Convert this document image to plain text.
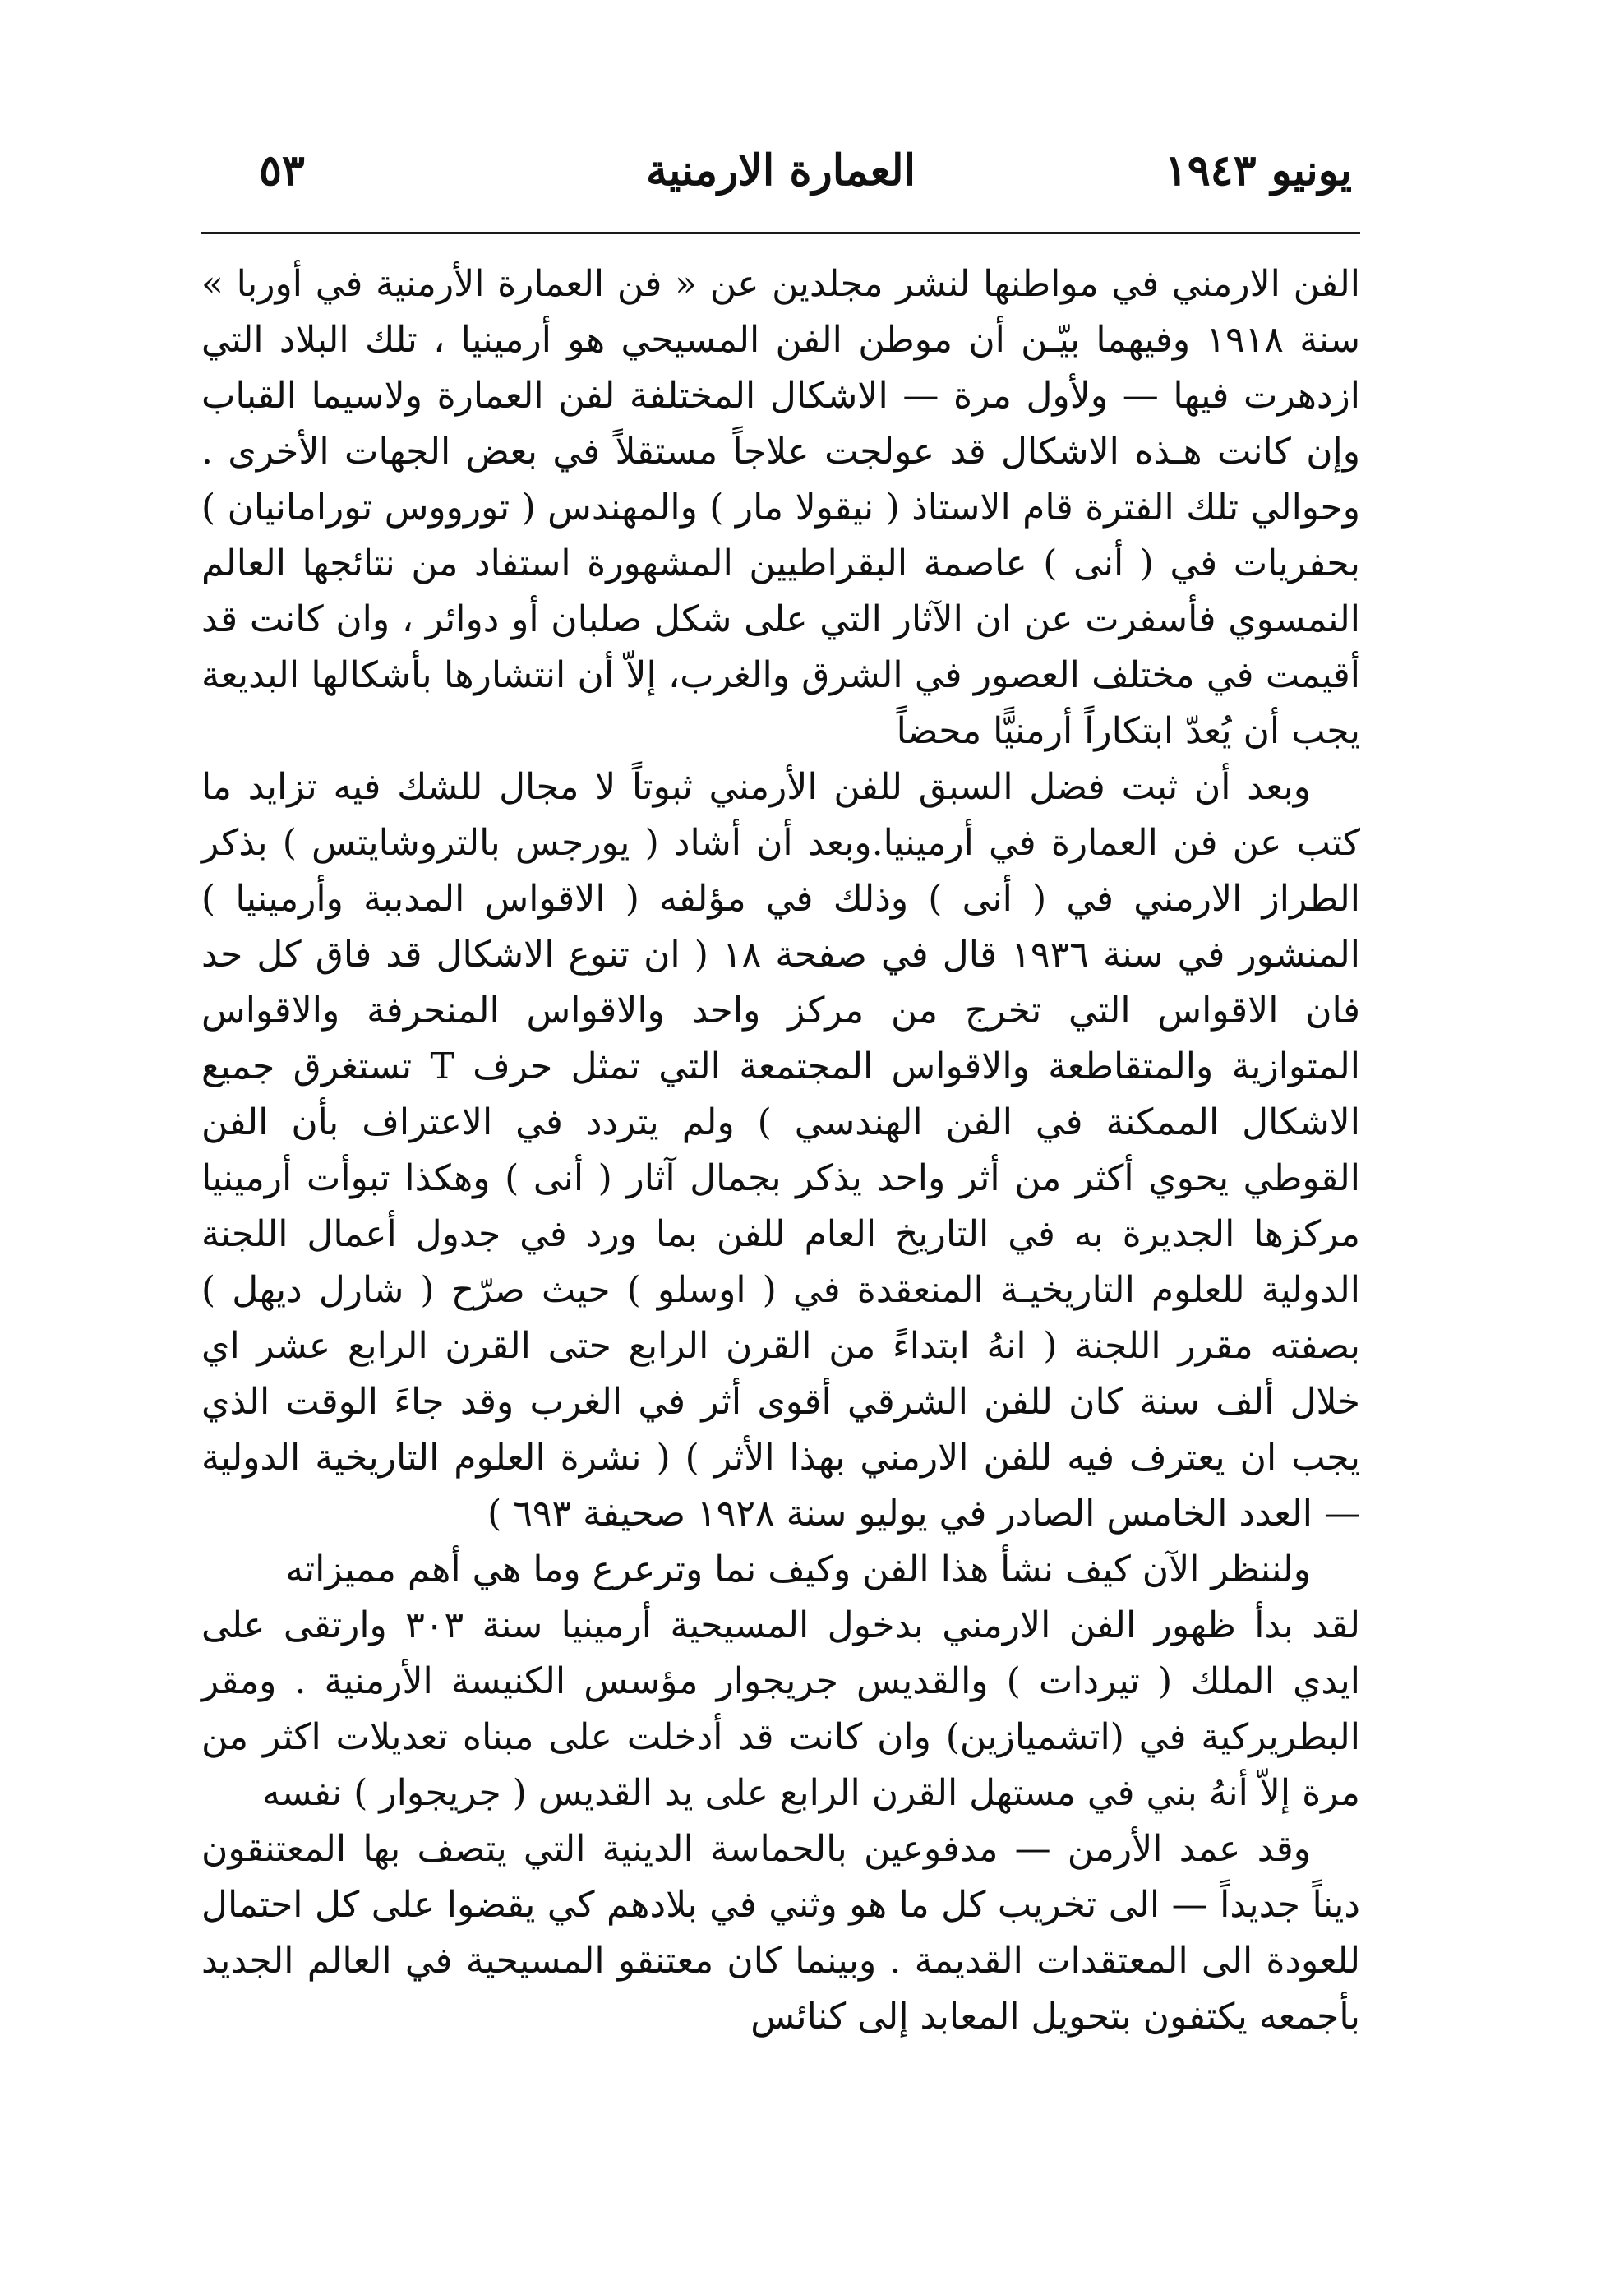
يونيو ١٩٤٣
العمارة الارمنية
٥٣

الفن الارمني في مواطنها لنشر مجلدين عن « فن العمارة الأرمنية في أوربا » سنة ١٩١٨ وفيهما بيّـن أن موطن الفن المسيحي هو أرمينيا ، تلك البلاد التي ازدهرت فيها — ولأول مرة — الاشكال المختلفة لفن العمارة ولاسيما القباب وإن كانت هـذه الاشكال قد عولجت علاجاً مستقلاً في بعض الجهات الأخرى . وحوالي تلك الفترة قام الاستاذ ( نيقولا مار ) والمهندس ( تورووس تورامانيان ) بحفريات في ( أنى ) عاصمة البقراطيين المشهورة استفاد من نتائجها العالم النمسوي فأسفرت عن ان الآثار التي على شكل صلبان أو دوائر ، وان كانت قد أقيمت في مختلف العصور في الشرق والغرب، إلاّ أن انتشارها بأشكالها البديعة يجب أن يُعدّ ابتكاراً أرمنيًّا محضاً

وبعد أن ثبت فضل السبق للفن الأرمني ثبوتاً لا مجال للشك فيه تزايد ما كتب عن فن العمارة في أرمينيا.وبعد أن أشاد ( يورجس بالتروشايتس ) بذكر الطراز الارمني في ( أنى ) وذلك في مؤلفه ( الاقواس المدببة وأرمينيا ) المنشور في سنة ١٩٣٦ قال في صفحة ١٨ ( ان تنوع الاشكال قد فاق كل حد فان الاقواس التي تخرج من مركز واحد والاقواس المنحرفة والاقواس المتوازية والمتقاطعة والاقواس المجتمعة التي تمثل حرف T تستغرق جميع الاشكال الممكنة في الفن الهندسي ) ولم يتردد في الاعتراف بأن الفن القوطي يحوي أكثر من أثر واحد يذكر بجمال آثار ( أنى ) وهكذا تبوأت أرمينيا مركزها الجديرة به في التاريخ العام للفن بما ورد في جدول أعمال اللجنة الدولية للعلوم التاريخيـة المنعقدة في ( اوسلو ) حيث صرّح ( شارل ديهل ) بصفته مقرر اللجنة ( انهُ ابتداءً من القرن الرابع حتى القرن الرابع عشر اي خلال ألف سنة كان للفن الشرقي أقوى أثر في الغرب وقد جاءَ الوقت الذي يجب ان يعترف فيه للفن الارمني بهذا الأثر ) ( نشرة العلوم التاريخية الدولية — العدد الخامس الصادر في يوليو سنة ١٩٢٨ صحيفة ٦٩٣ )

ولننظر الآن كيف نشأ هذا الفن وكيف نما وترعرع وما هي أهم مميزاته

لقد بدأ ظهور الفن الارمني بدخول المسيحية أرمينيا سنة ٣٠٣ وارتقى على ايدي الملك ( تيردات ) والقديس جريجوار مؤسس الكنيسة الأرمنية . ومقر البطريركية في (اتشميازين) وان كانت قد أدخلت على مبناه تعديلات اكثر من مرة إلاّ أنهُ بني في مستهل القرن الرابع على يد القديس ( جريجوار ) نفسه

وقد عمد الأرمن — مدفوعين بالحماسة الدينية التي يتصف بها المعتنقون ديناً جديداً — الى تخريب كل ما هو وثني في بلادهم كي يقضوا على كل احتمال للعودة الى المعتقدات القديمة . وبينما كان معتنقو المسيحية في العالم الجديد بأجمعه يكتفون بتحويل المعابد إلى كنائس
